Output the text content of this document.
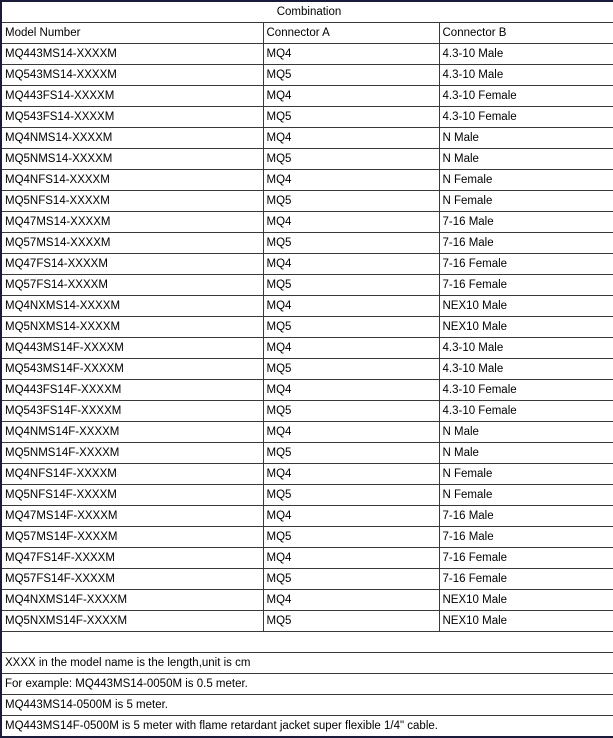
Combination		
Model Number	Connector A	Connector B
MQ443MS14-XXXXM	MQ4	4.3-10 Male
MQ543MS14-XXXXM	MQ5	4.3-10 Male
MQ443FS14-XXXXM	MQ4	4.3-10 Female
MQ543FS14-XXXXM	MQ5	4.3-10 Female
MQ4NMS14-XXXXM	MQ4	N Male
MQ5NMS14-XXXXM	MQ5	N Male
MQ4NFS14-XXXXM	MQ4	N Female
MQ5NFS14-XXXXM	MQ5	N Female
MQ47MS14-XXXXM	MQ4	7-16 Male
MQ57MS14-XXXXM	MQ5	7-16 Male
MQ47FS14-XXXXM	MQ4	7-16 Female
MQ57FS14-XXXXM	MQ5	7-16 Female
MQ4NXMS14-XXXXM	MQ4	NEX10 Male
MQ5NXMS14-XXXXM	MQ5	NEX10 Male
MQ443MS14F-XXXXM	MQ4	4.3-10 Male
MQ543MS14F-XXXXM	MQ5	4.3-10 Male
MQ443FS14F-XXXXM	MQ4	4.3-10 Female
MQ543FS14F-XXXXM	MQ5	4.3-10 Female
MQ4NMS14F-XXXXM	MQ4	N Male
MQ5NMS14F-XXXXM	MQ5	N Male
MQ4NFS14F-XXXXM	MQ4	N Female
MQ5NFS14F-XXXXM	MQ5	N Female
MQ47MS14F-XXXXM	MQ4	7-16 Male
MQ57MS14F-XXXXM	MQ5	7-16 Male
MQ47FS14F-XXXXM	MQ4	7-16 Female
MQ57FS14F-XXXXM	MQ5	7-16 Female
MQ4NXMS14F-XXXXM	MQ4	NEX10 Male
MQ5NXMS14F-XXXXM	MQ5	NEX10 Male

XXXX in the model name is the length,unit is cm		
For example: MQ443MS14-0050M is 0.5 meter.		
MQ443MS14-0500M is 5 meter.		
MQ443MS14F-0500M is 5 meter with flame retardant jacket super flexible 1/4" cable.		
